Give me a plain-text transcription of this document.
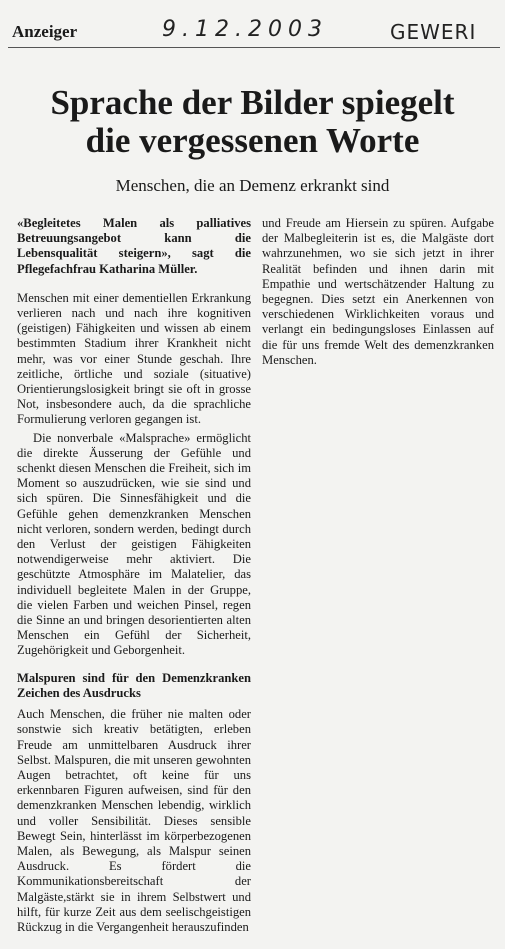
Anzeiger	9.12.2003	GEWERI
Sprache der Bilder spiegelt
die vergessenen Worte

Menschen, die an Demenz erkrankt sind

«Begleitetes Malen als palliatives Betreuungsangebot kann die Lebensqualität steigern», sagt die Pflegefachfrau Katharina Müller.

Menschen mit einer dementiellen Erkrankung verlieren nach und nach ihre kognitiven (geistigen) Fähigkeiten und wissen ab einem bestimmten Stadium ihrer Krankheit nicht mehr, was vor einer Stunde geschah. Ihre zeitliche, örtliche und soziale (situative) Orientierungslosigkeit bringt sie oft in grosse Not, insbesondere auch, da die sprachliche Formulierung verloren gegangen ist.

Die nonverbale «Malsprache» ermöglicht die direkte Äusserung der Gefühle und schenkt diesen Menschen die Freiheit, sich im Moment so auszudrücken, wie sie sind und sich spüren. Die Sinnesfähigkeit und die Gefühle gehen demenzkranken Menschen nicht verloren, sondern werden, bedingt durch den Verlust der geistigen Fähigkeiten notwendigerweise mehr aktiviert. Die geschützte Atmosphäre im Malatelier, das individuell begleitete Malen in der Gruppe, die vielen Farben und weichen Pinsel, regen die Sinne an und bringen desorientierten alten Menschen ein Gefühl der Sicherheit, Zugehörigkeit und Geborgenheit.

Malspuren sind für den Demenzkranken Zeichen des Ausdrucks

Auch Menschen, die früher nie malten oder sonstwie sich kreativ betätigten, erleben Freude am unmittelbaren Ausdruck ihrer Selbst. Malspuren, die mit unseren gewohnten Augen betrachtet, oft keine für uns erkennbaren Figuren aufweisen, sind für den demenzkranken Menschen lebendig, wirklich und voller Sensibilität. Dieses sensible Bewegt Sein, hinterlässt im körperbezogenen Malen, als Bewegung, als Malspur seinen Ausdruck. Es fördert die Kommunikationsbereitschaft der Malgäste,stärkt sie in ihrem Selbstwert und hilft, für kurze Zeit aus dem seelischgeistigen Rückzug in die Vergangenheit herauszufinden

und Freude am Hiersein zu spüren. Aufgabe der Malbegleiterin ist es, die Malgäste dort wahrzunehmen, wo sie sich jetzt in ihrer Realität befinden und ihnen darin mit Empathie und wertschätzender Haltung zu begegnen. Dies setzt ein Anerkennen von verschiedenen Wirklichkeiten voraus und verlangt ein bedingungsloses Einlassen auf die für uns fremde Welt des demenzkranken Menschen.
